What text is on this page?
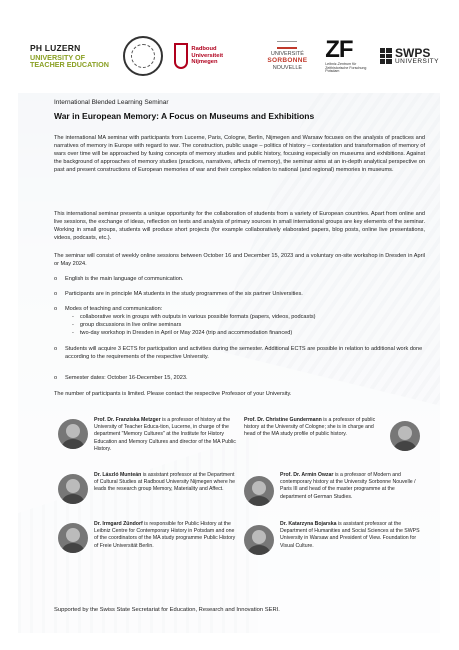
PH LUZERN
UNIVERSITY OF
TEACHER EDUCATION
Radboud Universiteit Nijmegen
UNIVERSITÉ
SORBONNE
NOUVELLE
ZF
Leibniz-Zentrum für Zeithistorische Forschung Potsdam
SWPS
UNIVERSITY
International Blended Learning Seminar
War in European Memory: A Focus on Museums and Exhibitions

The international MA seminar with participants from Lucerne, Paris, Cologne, Berlin, Nijmegen and Warsaw focuses on the analysis of practices and narratives of memory in Europe with regard to war. The construction, public usage – politics of history – contestation and transformation of memory of wars over time will be approached by fusing concepts of memory studies and public history, focusing especially on museums and exhibitions. Against the background of approaches of memory studies (practices, narratives, affects of memory), the seminar aims at an in-depth analytical perspective on past and present constructions of European memories of war and their complex relation to national (and regional) memories in museums.

This international seminar presents a unique opportunity for the collaboration of students from a variety of European countries. Apart from online and live sessions, the exchange of ideas, reflection on texts and analysis of primary sources in small international groups are key elements of the seminar. Working in small groups, students will produce short projects (for example collaboratively elaborated papers, blog posts, online live presentations, videos, podcasts, etc.).

The seminar will consist of weekly online sessions between October 16 and December 15, 2023 and a voluntary on-site workshop in Dresden in April or May 2024.

o	English is the main language of communication.
o	Participants are in principle MA students in the study programmes of the six partner Universities.
o	Modes of teaching and communication:
- collaborative work in groups with outputs in various possible formats (papers, videos, podcasts)
- group discussions in live online seminars
- two-day workshop in Dresden in April or May 2024 (trip and accommodation financed)
o	Students will acquire 3 ECTS for participation and activities during the semester. Additional ECTS are possible in relation to additional work done according to the requirements of the respective University.
o	Semester dates: October 16-December 15, 2023.
The number of participants is limited. Please contact the respective Professor of your University.
Prof. Dr. Franziska Metzger is a professor of history at the University of Teacher Educa-tion, Lucerne, in charge of the department "Memory Cultures" at the Institute for History Education and Memory Cultures and director of the MA Public History.
Dr. László Munteán is assistant professor at the Department of Cultural Studies at Radboud University Nijmegen where he leads the research group Memory, Materiality and Affect.
Dr. Irmgard Zündorf is responsible for Public History at the Leibniz Centre for Contemporary History in Potsdam and one of the coordinators of the MA study programme Public History of Freie Universität Berlin.
Prof. Dr. Christine Gundermann is a professor of public history at the University of Cologne; she is in charge and head of the MA study profile of public history.
Prof. Dr. Armin Owzar is a professor of Modern and contemporary history at the University Sorbonne Nouvelle / Paris III and head of the master programme at the department of German Studies.
Dr. Katarzyna Bojarska is assistant professor at the Department of Humanities and Social Sciences at the SWPS University in Warsaw and President of View. Foundation for Visual Culture.
Supported by the Swiss State Secretariat for Education, Research and Innovation SERI.
